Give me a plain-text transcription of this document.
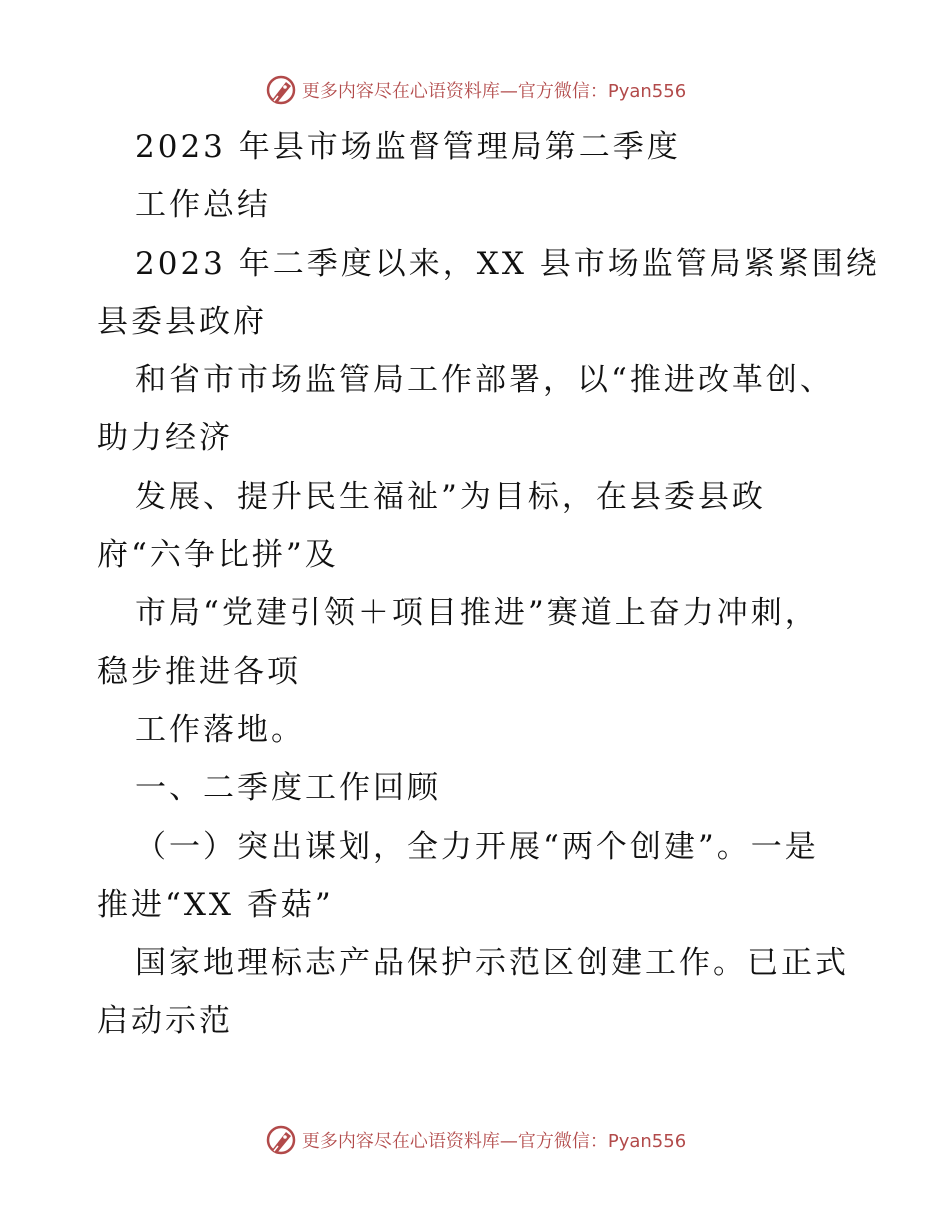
更多内容尽在心语资料库—官方微信：Pyan556
2023 年县市场监督管理局第二季度
工作总结
2023 年二季度以来，XX 县市场监管局紧紧围绕
县委县政府
和省市市场监管局工作部署，以“推进改革创、
助力经济
发展、提升民生福祉”为目标，在县委县政
府“六争比拼”及
市局“党建引领＋项目推进”赛道上奋力冲刺，
稳步推进各项
工作落地。
一、二季度工作回顾
（一）突出谋划，全力开展“两个创建”。一是
推进“XX 香菇”
国家地理标志产品保护示范区创建工作。已正式
启动示范
更多内容尽在心语资料库—官方微信：Pyan556
